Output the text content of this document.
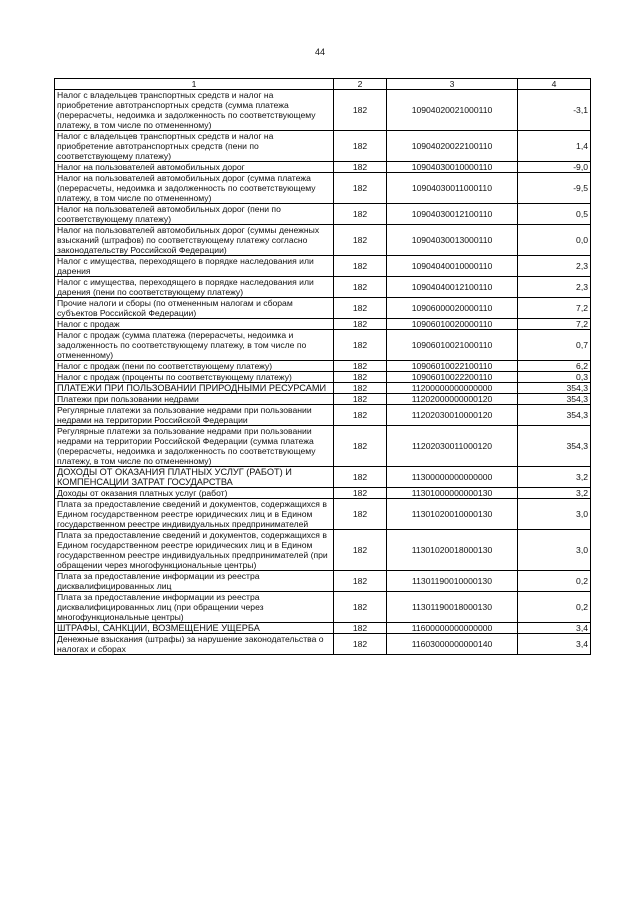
44
1	2	3	4
Налог с владельцев транспортных средств и налог на приобретение автотранспортных средств (сумма платежа (перерасчеты, недоимка и задолженность по соответствующему платежу, в том числе по отмененному)	182	10904020021000110	-3,1
Налог с владельцев транспортных средств и налог на приобретение автотранспортных средств (пени по соответствующему платежу)	182	10904020022100110	1,4
Налог на пользователей автомобильных дорог	182	10904030010000110	-9,0
Налог на пользователей автомобильных дорог (сумма платежа (перерасчеты, недоимка и задолженность по соответствующему платежу, в том числе по отмененному)	182	10904030011000110	-9,5
Налог на пользователей автомобильных дорог (пени по соответствующему платежу)	182	10904030012100110	0,5
Налог на пользователей автомобильных дорог (суммы денежных взысканий (штрафов) по соответствующему платежу согласно законодательству Российской Федерации)	182	10904030013000110	0,0
Налог с имущества, переходящего в порядке наследования или дарения	182	10904040010000110	2,3
Налог с имущества, переходящего в порядке наследования или дарения (пени по соответствующему платежу)	182	10904040012100110	2,3
Прочие налоги и сборы (по отмененным налогам и сборам субъектов Российской Федерации)	182	10906000020000110	7,2
Налог с продаж	182	10906010020000110	7,2
Налог с продаж (сумма платежа (перерасчеты, недоимка и задолженность по соответствующему платежу, в том числе по отмененному)	182	10906010021000110	0,7
Налог с продаж (пени по соответствующему платежу)	182	10906010022100110	6,2
Налог с продаж (проценты по соответствующему платежу)	182	10906010022200110	0,3
ПЛАТЕЖИ ПРИ ПОЛЬЗОВАНИИ ПРИРОДНЫМИ РЕСУРСАМИ	182	11200000000000000	354,3
Платежи при пользовании недрами	182	11202000000000120	354,3
Регулярные платежи за пользование недрами при пользовании недрами на территории Российской Федерации	182	11202030010000120	354,3
Регулярные платежи за пользование недрами при пользовании недрами на территории Российской Федерации (сумма платежа (перерасчеты, недоимка и задолженность по соответствующему платежу, в том числе по отмененному)	182	11202030011000120	354,3
ДОХОДЫ ОТ ОКАЗАНИЯ ПЛАТНЫХ УСЛУГ (РАБОТ) И КОМПЕНСАЦИИ ЗАТРАТ ГОСУДАРСТВА	182	11300000000000000	3,2
Доходы от оказания платных услуг (работ)	182	11301000000000130	3,2
Плата за предоставление сведений и документов, содержащихся в Едином государственном реестре юридических лиц и в Едином государственном реестре индивидуальных предпринимателей	182	11301020010000130	3,0
Плата за предоставление сведений и документов, содержащихся в Едином государственном реестре юридических лиц и в Едином государственном реестре индивидуальных предпринимателей (при обращении через многофункциональные центры)	182	11301020018000130	3,0
Плата за предоставление информации из реестра дисквалифицированных лиц	182	11301190010000130	0,2
Плата за предоставление информации из реестра дисквалифицированных лиц (при обращении через многофункциональные центры)	182	11301190018000130	0,2
ШТРАФЫ, САНКЦИИ, ВОЗМЕЩЕНИЕ УЩЕРБА	182	11600000000000000	3,4
Денежные взыскания (штрафы) за нарушение законодательства о налогах и сборах	182	11603000000000140	3,4
